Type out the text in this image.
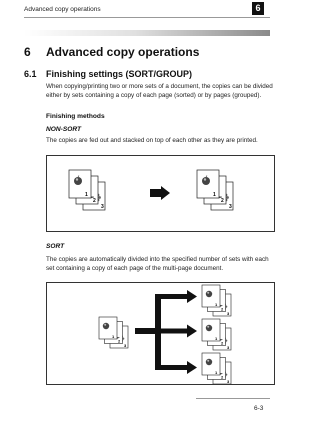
Advanced copy operations	6
6 Advanced copy operations
6.1 Finishing settings (SORT/GROUP)
When copying/printing two or more sets of a document, the copies can be divided either by sets containing a copy of each page (sorted) or by pages (grouped).
Finishing methods
NON-SORT
The copies are fed out and stacked on top of each other as they are printed.
1
SORT
The copies are automatically divided into the specified number of sets with each set containing a copy of each page of the multi-page document.
3
2
1
6-3
